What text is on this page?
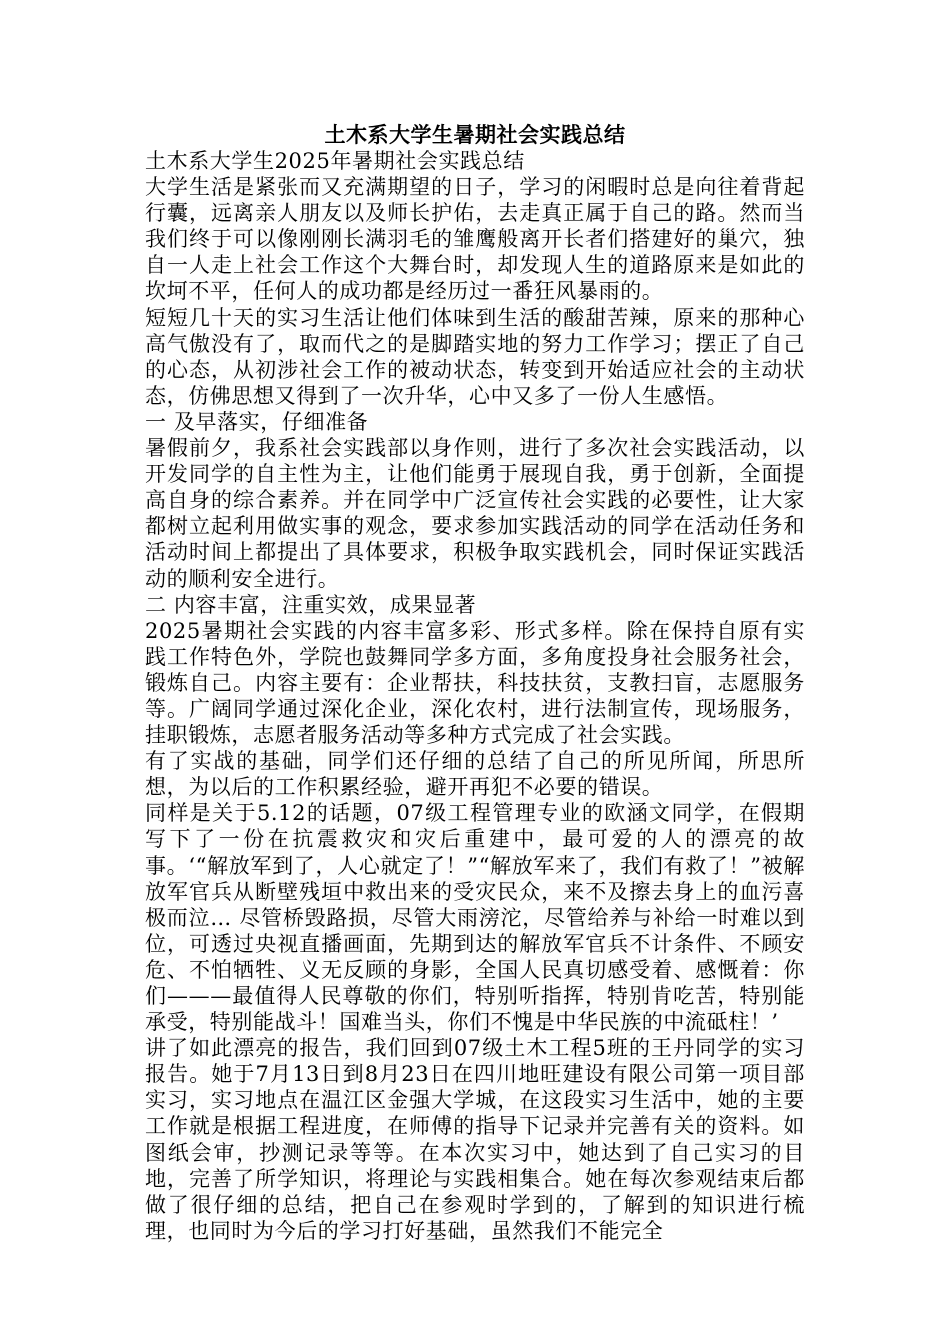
土木系大学生暑期社会实践总结

土木系大学生2025年暑期社会实践总结

大学生活是紧张而又充满期望的日子，学习的闲暇时总是向往着背起行囊，远离亲人朋友以及师长护佑，去走真正属于自己的路。然而当我们终于可以像刚刚长满羽毛的雏鹰般离开长者们搭建好的巢穴，独自一人走上社会工作这个大舞台时，却发现人生的道路原来是如此的坎坷不平，任何人的成功都是经历过一番狂风暴雨的。

短短几十天的实习生活让他们体味到生活的酸甜苦辣，原来的那种心高气傲没有了，取而代之的是脚踏实地的努力工作学习；摆正了自己的心态，从初涉社会工作的被动状态，转变到开始适应社会的主动状态，仿佛思想又得到了一次升华，心中又多了一份人生感悟。

一 及早落实，仔细准备

暑假前夕，我系社会实践部以身作则，进行了多次社会实践活动，以开发同学的自主性为主，让他们能勇于展现自我，勇于创新，全面提高自身的综合素养。并在同学中广泛宣传社会实践的必要性，让大家都树立起利用做实事的观念，要求参加实践活动的同学在活动任务和活动时间上都提出了具体要求，积极争取实践机会，同时保证实践活动的顺利安全进行。

二 内容丰富，注重实效，成果显著

2025暑期社会实践的内容丰富多彩、形式多样。除在保持自原有实践工作特色外，学院也鼓舞同学多方面，多角度投身社会服务社会，锻炼自己。内容主要有：企业帮扶，科技扶贫，支教扫盲，志愿服务等。广阔同学通过深化企业，深化农村，进行法制宣传，现场服务，挂职锻炼，志愿者服务活动等多种方式完成了社会实践。

有了实战的基础，同学们还仔细的总结了自己的所见所闻，所思所想，为以后的工作积累经验，避开再犯不必要的错误。

同样是关于5.12的话题，07级工程管理专业的欧涵文同学，在假期写下了一份在抗震救灾和灾后重建中，最可爱的人的漂亮的故事。‘“解放军到了，人心就定了！”“解放军来了，我们有救了！”被解放军官兵从断壁残垣中救出来的受灾民众，来不及擦去身上的血污喜极而泣… 尽管桥毁路损，尽管大雨滂沱，尽管给养与补给一时难以到位，可透过央视直播画面，先期到达的解放军官兵不计条件、不顾安危、不怕牺牲、义无反顾的身影，全国人民真切感受着、感慨着：你们———最值得人民尊敬的你们，特别听指挥，特别肯吃苦，特别能承受，特别能战斗！国难当头，你们不愧是中华民族的中流砥柱！’

讲了如此漂亮的报告，我们回到07级土木工程5班的王丹同学的实习报告。她于7月13日到8月23日在四川地旺建设有限公司第一项目部实习，实习地点在温江区金强大学城，在这段实习生活中，她的主要工作就是根据工程进度，在师傅的指导下记录并完善有关的资料。如图纸会审，抄测记录等等。在本次实习中，她达到了自己实习的目地，完善了所学知识，将理论与实践相集合。她在每次参观结束后都做了很仔细的总结，把自己在参观时学到的，了解到的知识进行梳理，也同时为今后的学习打好基础，虽然我们不能完全
